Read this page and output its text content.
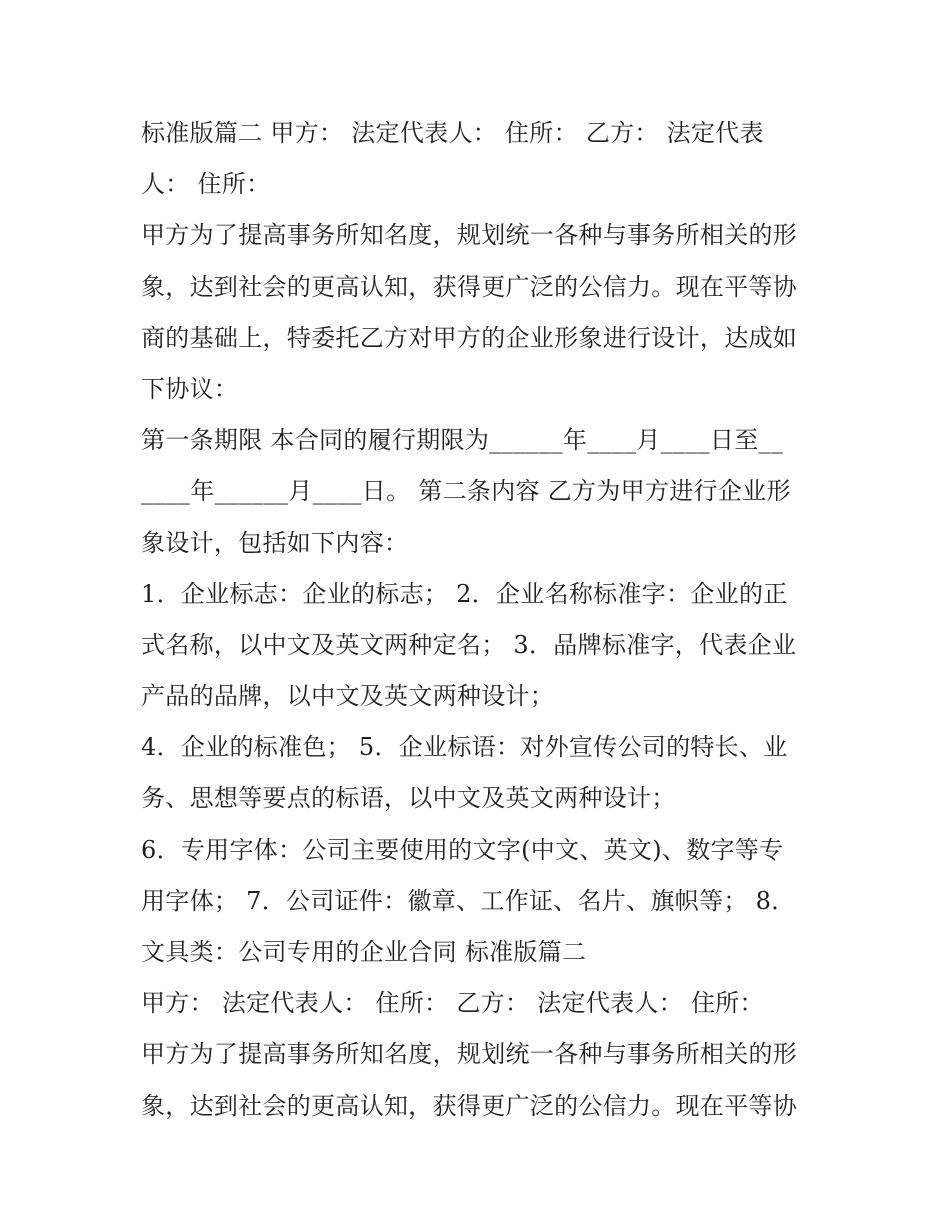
标准版篇二 甲方： 法定代表人： 住所： 乙方： 法定代表
人： 住所：
甲方为了提高事务所知名度，规划统一各种与事务所相关的形
象，达到社会的更高认知，获得更广泛的公信力。现在平等协
商的基础上，特委托乙方对甲方的企业形象进行设计，达成如
下协议：
第一条期限 本合同的履行期限为______年____月____日至__
____年______月____日。 第二条内容 乙方为甲方进行企业形
象设计，包括如下内容：
1．企业标志：企业的标志； 2．企业名称标准字：企业的正
式名称，以中文及英文两种定名； 3．品牌标准字，代表企业
产品的品牌，以中文及英文两种设计；
4．企业的标准色； 5．企业标语：对外宣传公司的特长、业
务、思想等要点的标语，以中文及英文两种设计；
6．专用字体：公司主要使用的文字(中文、英文)、数字等专
用字体； 7．公司证件：徽章、工作证、名片、旗帜等； 8．
文具类：公司专用的企业合同 标准版篇二
甲方： 法定代表人： 住所： 乙方： 法定代表人： 住所：
甲方为了提高事务所知名度，规划统一各种与事务所相关的形
象，达到社会的更高认知，获得更广泛的公信力。现在平等协
